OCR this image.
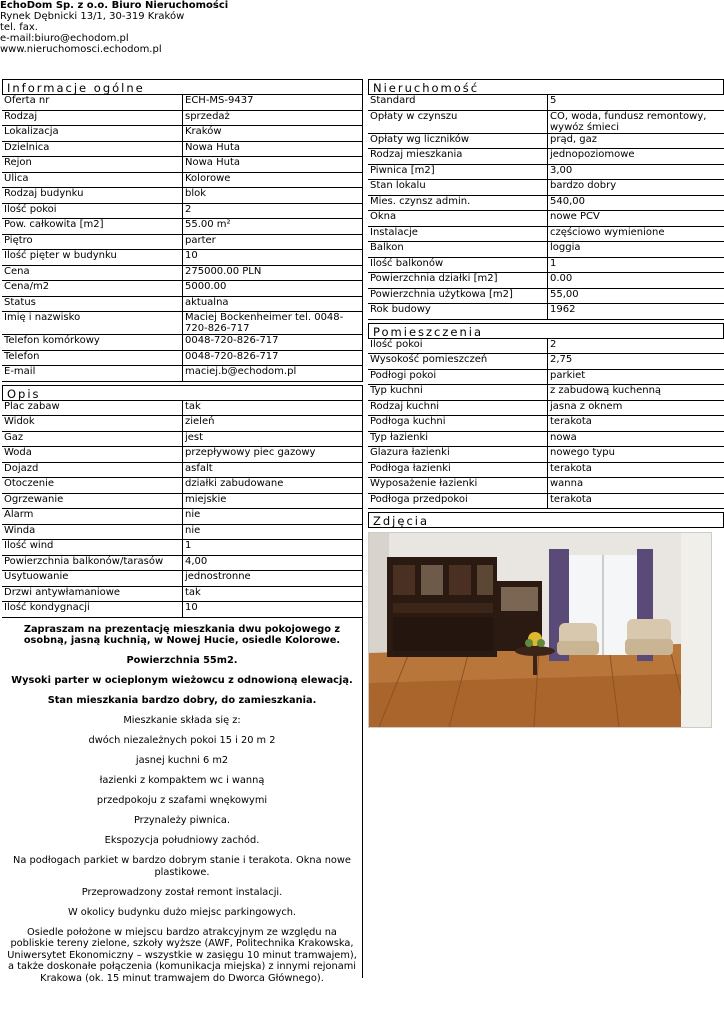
EchoDom Sp. z o.o. Biuro Nieruchomości
Rynek Dębnicki 13/1, 30-319 Kraków
tel. fax.
e-mail:biuro@echodom.pl
www.nieruchomosci.echodom.pl
Informacje ogólne
Oferta nr	ECH-MS-9437
Rodzaj	sprzedaż
Lokalizacja	Kraków
Dzielnica	Nowa Huta
Rejon	Nowa Huta
Ulica	Kolorowe
Rodzaj budynku	blok
Ilość pokoi	2
Pow. całkowita [m2]	55.00 m²
Piętro	parter
Ilość pięter w budynku	10
Cena	275000.00 PLN
Cena/m2	5000.00
Status	aktualna
Imię i nazwisko	Maciej Bockenheimer tel. 0048-720-826-717
Telefon komórkowy	0048-720-826-717
Telefon	0048-720-826-717
E-mail	maciej.b@echodom.pl
Opis
Plac zabaw	tak
Widok	zieleń
Gaz	jest
Woda	przepływowy piec gazowy
Dojazd	asfalt
Otoczenie	działki zabudowane
Ogrzewanie	miejskie
Alarm	nie
Winda	nie
Ilość wind	1
Powierzchnia balkonów/tarasów	4,00
Usytuowanie	jednostronne
Drzwi antywłamaniowe	tak
Ilość kondygnacji	10

Zapraszam na prezentację mieszkania dwu pokojowego z osobną, jasną kuchnią, w Nowej Hucie, osiedle Kolorowe.

Powierzchnia 55m2.

Wysoki parter w ocieplonym wieżowcu z odnowioną elewacją.

Stan mieszkania bardzo dobry, do zamieszkania.

Mieszkanie składa się z:

dwóch niezależnych pokoi 15 i 20 m 2

jasnej kuchni 6 m2

łazienki z kompaktem wc i wanną

przedpokoju z szafami wnękowymi

Przynależy piwnica.

Ekspozycja południowy zachód.

Na podłogach parkiet w bardzo dobrym stanie i terakota. Okna nowe plastikowe.

Przeprowadzony został remont instalacji.

W okolicy budynku dużo miejsc parkingowych.

Osiedle położone w miejscu bardzo atrakcyjnym ze względu na pobliskie tereny zielone, szkoły wyższe (AWF, Politechnika Krakowska, Uniwersytet Ekonomiczny – wszystkie w zasięgu 10 minut tramwajem), a także doskonałe połączenia (komunikacja miejska) z innymi rejonami Krakowa (ok. 15 minut tramwajem do Dworca Głównego).

Nieruchomość
Standard	5
Opłaty w czynszu	CO, woda, fundusz remontowy, wywóz śmieci
Opłaty wg liczników	prąd, gaz
Rodzaj mieszkania	jednopoziomowe
Piwnica [m2]	3,00
Stan lokalu	bardzo dobry
Mies. czynsz admin.	540,00
Okna	nowe PCV
Instalacje	częściowo wymienione
Balkon	loggia
Ilość balkonów	1
Powierzchnia działki [m2]	0.00
Powierzchnia użytkowa [m2]	55,00
Rok budowy	1962
Pomieszczenia
Ilość pokoi	2
Wysokość pomieszczeń	2,75
Podłogi pokoi	parkiet
Typ kuchni	z zabudową kuchenną
Rodzaj kuchni	jasna z oknem
Podłoga kuchni	terakota
Typ łazienki	nowa
Glazura łazienki	nowego typu
Podłoga łazienki	terakota
Wyposażenie łazienki	wanna
Podłoga przedpokoi	terakota
Zdjęcia
